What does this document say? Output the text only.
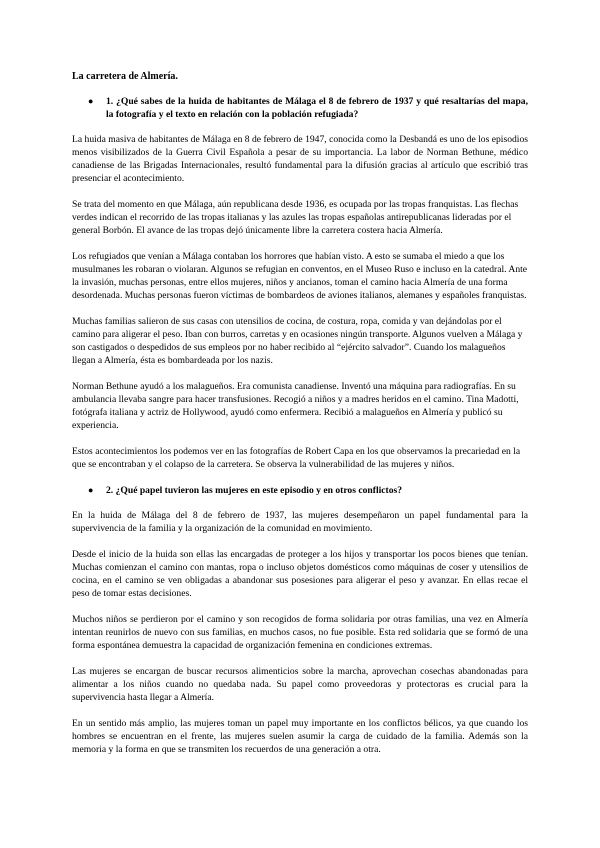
La carretera de Almería.
● 1. ¿Qué sabes de la huida de habitantes de Málaga el 8 de febrero de 1937 y qué resaltarías del mapa, la fotografía y el texto en relación con la población refugiada?

La huida masiva de habitantes de Málaga en 8 de febrero de 1947, conocida como la Desbandá es uno de los episodios menos visibilizados de la Guerra Civil Española a pesar de su importancia. La labor de Norman Bethune, médico canadiense de las Brigadas Internacionales, resultó fundamental para la difusión gracias al artículo que escribió tras presenciar el acontecimiento.

Se trata del momento en que Málaga, aún republicana desde 1936, es ocupada por las tropas franquistas. Las flechas verdes indican el recorrido de las tropas italianas y las azules las tropas españolas antirepublicanas lideradas por el general Borbón. El avance de las tropas dejó únicamente libre la carretera costera hacia Almería.

Los refugiados que venían a Málaga contaban los horrores que habían visto. A esto se sumaba el miedo a que los musulmanes les robaran o violaran. Algunos se refugian en conventos, en el Museo Ruso e incluso en la catedral. Ante la invasión, muchas personas, entre ellos mujeres, niños y ancianos, toman el camino hacia Almería de una forma desordenada. Muchas personas fueron víctimas de bombardeos de aviones italianos, alemanes y españoles franquistas.

Muchas familias salieron de sus casas con utensilios de cocina, de costura, ropa, comida y van dejándolas por el camino para aligerar el peso. Iban con burros, carretas y en ocasiones ningún transporte. Algunos vuelven a Málaga y son castigados o despedidos de sus empleos por no haber recibido al “ejército salvador”. Cuando los malagueños llegan a Almería, ésta es bombardeada por los nazis.

Norman Bethune ayudó a los malagueños. Era comunista canadiense. Inventó una máquina para radiografías. En su ambulancia llevaba sangre para hacer transfusiones. Recogió a niños y a madres heridos en el camino. Tina Madotti, fotógrafa italiana y actriz de Hollywood, ayudó como enfermera. Recibió a malagueños en Almería y publicó su experiencia.

Estos acontecimientos los podemos ver en las fotografías de Robert Capa en los que observamos la precariedad en la que se encontraban y el colapso de la carretera. Se observa la vulnerabilidad de las mujeres y niños.

● 2. ¿Qué papel tuvieron las mujeres en este episodio y en otros conflictos?

En la huida de Málaga del 8 de febrero de 1937, las mujeres desempeñaron un papel fundamental para la supervivencia de la familia y la organización de la comunidad en movimiento.

Desde el inicio de la huida son ellas las encargadas de proteger a los hijos y transportar los pocos bienes que tenían. Muchas comienzan el camino con mantas, ropa o incluso objetos domésticos como máquinas de coser y utensilios de cocina, en el camino se ven obligadas a abandonar sus posesiones para aligerar el peso y avanzar. En ellas recae el peso de tomar estas decisiones.

Muchos niños se perdieron por el camino y son recogidos de forma solidaria por otras familias, una vez en Almería intentan reunirlos de nuevo con sus familias, en muchos casos, no fue posible. Esta red solidaria que se formó de una forma espontánea demuestra la capacidad de organización femenina en condiciones extremas.

Las mujeres se encargan de buscar recursos alimenticios sobre la marcha, aprovechan cosechas abandonadas para alimentar a los niños cuando no quedaba nada. Su papel como proveedoras y protectoras es crucial para la supervivencia hasta llegar a Almería.

En un sentido más amplio, las mujeres toman un papel muy importante en los conflictos bélicos, ya que cuando los hombres se encuentran en el frente, las mujeres suelen asumir la carga de cuidado de la familia. Además son la memoria y la forma en que se transmiten los recuerdos de una generación a otra.
